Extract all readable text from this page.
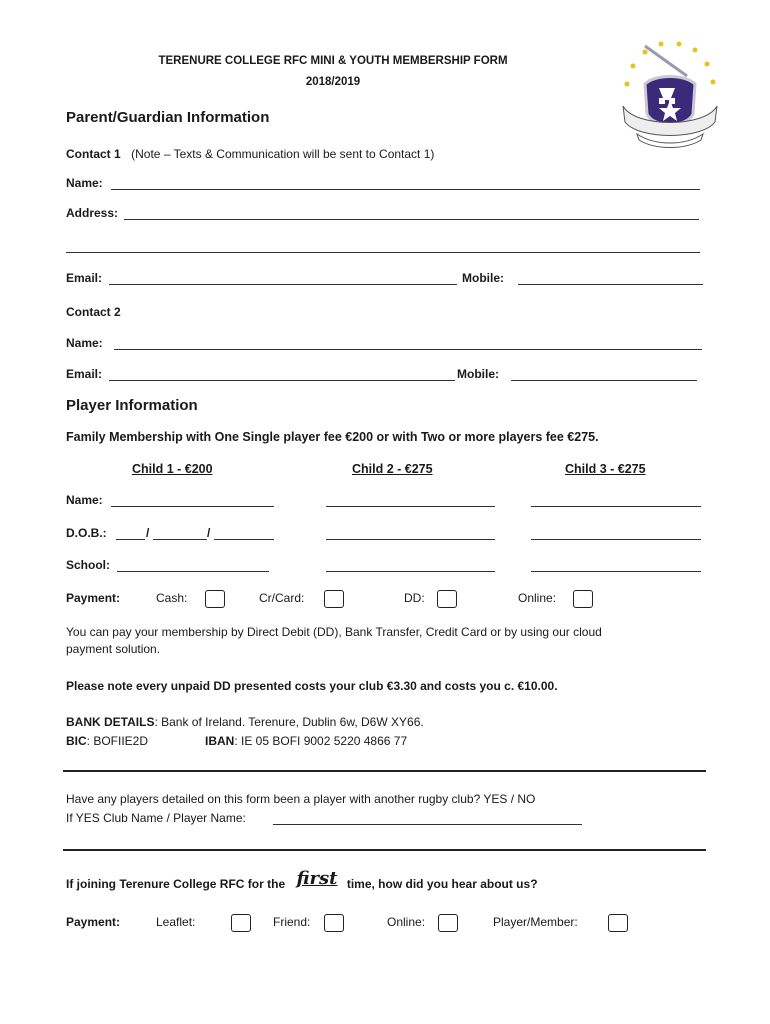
TERENURE COLLEGE RFC MINI & YOUTH MEMBERSHIP FORM
2018/2019
Parent/Guardian Information
Contact 1 (Note – Texts & Communication will be sent to Contact 1)
Name:
Address:
Email:	Mobile:
Contact 2
Name:
Email:	Mobile:
Player Information
Family Membership with One Single player fee €200 or with Two or more players fee €275.
Child 1 - €200	Child 2 - €275	Child 3 - €275
Name:
D.O.B.:	/	/
School:
Payment:	Cash:	Cr/Card:	DD:	Online:
You can pay your membership by Direct Debit (DD), Bank Transfer, Credit Card or by using our cloud
payment solution.
Please note every unpaid DD presented costs your club €3.30 and costs you c. €10.00.
BANK DETAILS: Bank of Ireland. Terenure, Dublin 6w, D6W XY66.
BIC: BOFIIE2D	IBAN: IE 05 BOFI 9002 5220 4866 77
Have any players detailed on this form been a player with another rugby club? YES / NO
If YES Club Name / Player Name:
If joining Terenure College RFC for the first time, how did you hear about us?
Payment:	Leaflet:	Friend:	Online:	Player/Member:
